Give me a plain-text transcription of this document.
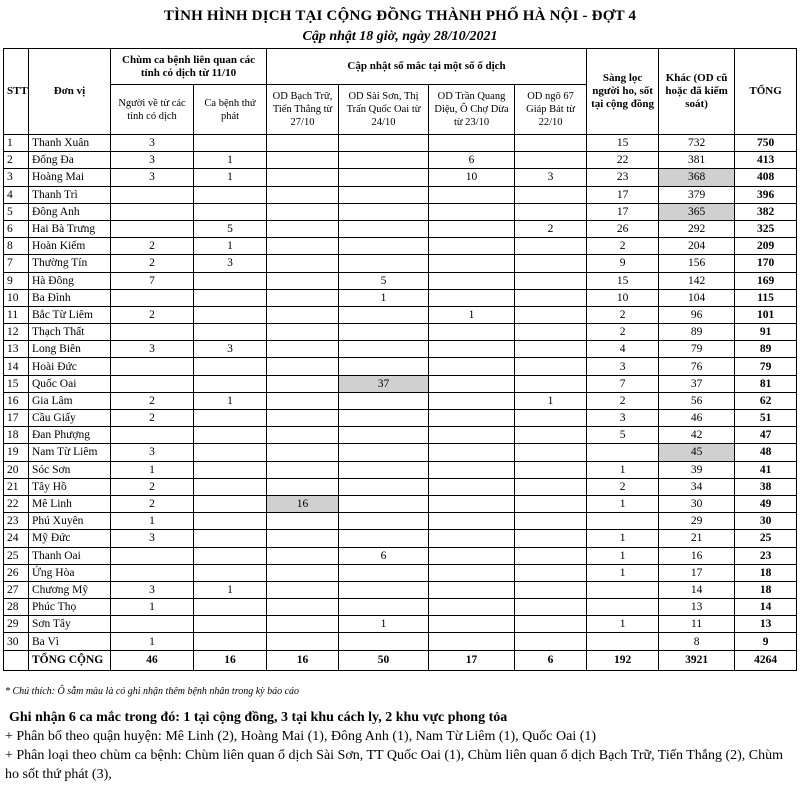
TÌNH HÌNH DỊCH TẠI CỘNG ĐỒNG THÀNH PHỐ HÀ NỘI - ĐỢT 4
Cập nhật 18 giờ, ngày 28/10/2021
STT	Đơn vị	Chùm ca bệnh liên quan các tỉnh có dịch từ 11/10		Cập nhật số mắc tại một số ổ dịch				Sàng lọc người ho, sốt tại cộng đồng	Khác (OD cũ hoặc đã kiểm soát)	TỔNG
		Người về từ các tỉnh có dịch	Ca bệnh thứ phát	OD Bạch Trữ, Tiến Thắng từ 27/10	OD Sài Sơn, Thị Trấn Quốc Oai từ 24/10	OD Trần Quang Diệu, Ô Chợ Dừa từ 23/10	OD ngõ 67 Giáp Bát từ 22/10			
1	Thanh Xuân	3						15	732	750
2	Đống Đa	3	1			6		22	381	413
3	Hoàng Mai	3	1			10	3	23	368	408
4	Thanh Trì							17	379	396
5	Đông Anh							17	365	382
6	Hai Bà Trưng		5				2	26	292	325
8	Hoàn Kiếm	2	1					2	204	209
7	Thường Tín	2	3					9	156	170
9	Hà Đông	7			5			15	142	169
10	Ba Đình				1			10	104	115
11	Bắc Từ Liêm	2				1		2	96	101
12	Thạch Thất							2	89	91
13	Long Biên	3	3					4	79	89
14	Hoài Đức							3	76	79
15	Quốc Oai				37			7	37	81
16	Gia Lâm	2	1				1	2	56	62
17	Cầu Giấy	2						3	46	51
18	Đan Phượng							5	42	47
19	Nam Từ Liêm	3							45	48
20	Sóc Sơn	1						1	39	41
21	Tây Hồ	2						2	34	38
22	Mê Linh	2		16				1	30	49
23	Phú Xuyên	1							29	30
24	Mỹ Đức	3						1	21	25
25	Thanh Oai				6			1	16	23
26	Ứng Hòa							1	17	18
27	Chương Mỹ	3	1						14	18
28	Phúc Thọ	1							13	14
29	Sơn Tây				1			1	11	13
30	Ba Vì	1							8	9
	TỔNG CỘNG	46	16	16	50	17	6	192	3921	4264
* Chú thích: Ô sẫm màu là có ghi nhận thêm bệnh nhân trong kỳ báo cáo
Ghi nhận 6 ca mắc trong đó: 1 tại cộng đồng, 3 tại khu cách ly, 2 khu vực phong tỏa
+ Phân bố theo quận huyện: Mê Linh (2), Hoàng Mai (1), Đông Anh (1), Nam Từ Liêm (1), Quốc Oai (1)
+ Phân loại theo chùm ca bệnh: Chùm liên quan ổ dịch Sài Sơn, TT Quốc Oai (1), Chùm liên quan ổ dịch Bạch Trữ, Tiến Thắng (2), Chùm ho sốt thứ phát (3),
